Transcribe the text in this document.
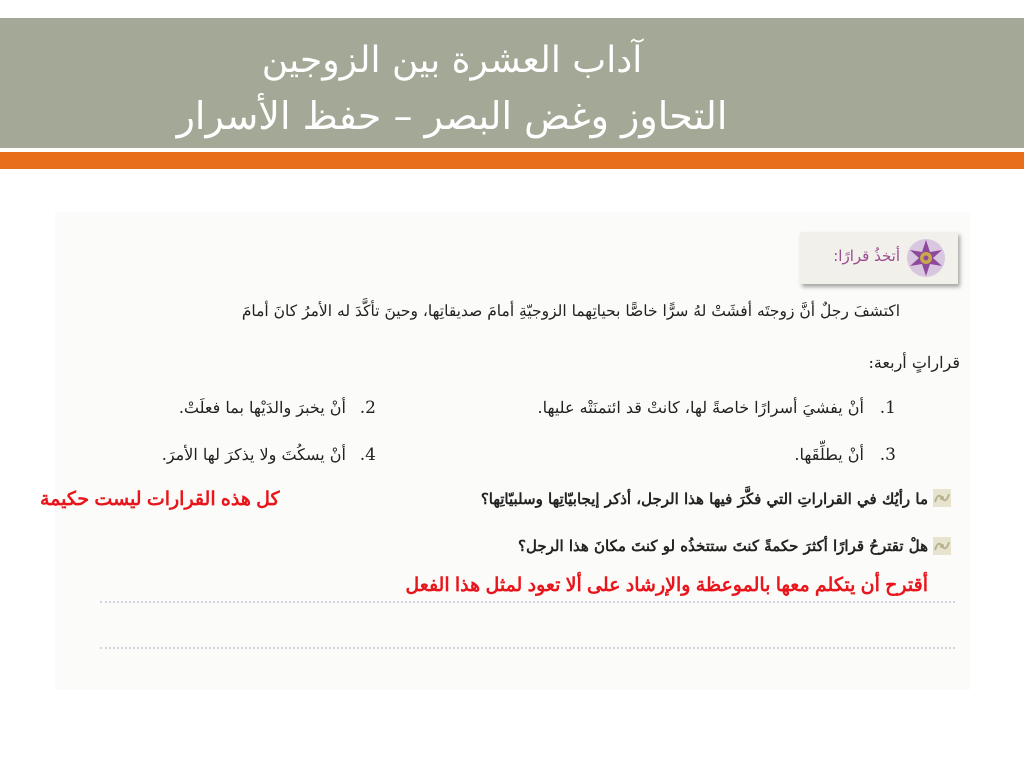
آداب العشرة بين الزوجين
التحاوز وغض البصر – حفظ الأسرار
أتخذُ قرارًا:
اكتشفَ رجلٌ أنَّ زوجتَه أفشَتْ لهُ سرًّا خاصًّا بحياتِهما الزوجيّةِ أمامَ صديقاتِها، وحينَ تأكَّدَ له الأمرُ كانَ أمامَ
قراراتٍ أربعة:
1.
أنْ يفشيَ أسرارًا خاصةً لها، كانتْ قد ائتمنَتْه عليها.
2.
أنْ يخبرَ والدَيْها بما فعلَتْ.
3.
أنْ يطلِّقَها.
4.
أنْ يسكُتَ ولا يذكرَ لها الأمرَ.
ما رأيُك في القراراتِ التي فكَّرَ فيها هذا الرجل، أذكر إيجابيّاتِها وسلبيّاتِها؟
كل هذه القرارات ليست حكيمة
هلْ تقترحُ قرارًا أكثرَ حكمةً كنتَ ستتخذُه لو كنتَ مكانَ هذا الرجل؟
أقترح أن يتكلم معها بالموعظة والإرشاد على ألا تعود لمثل هذا الفعل
